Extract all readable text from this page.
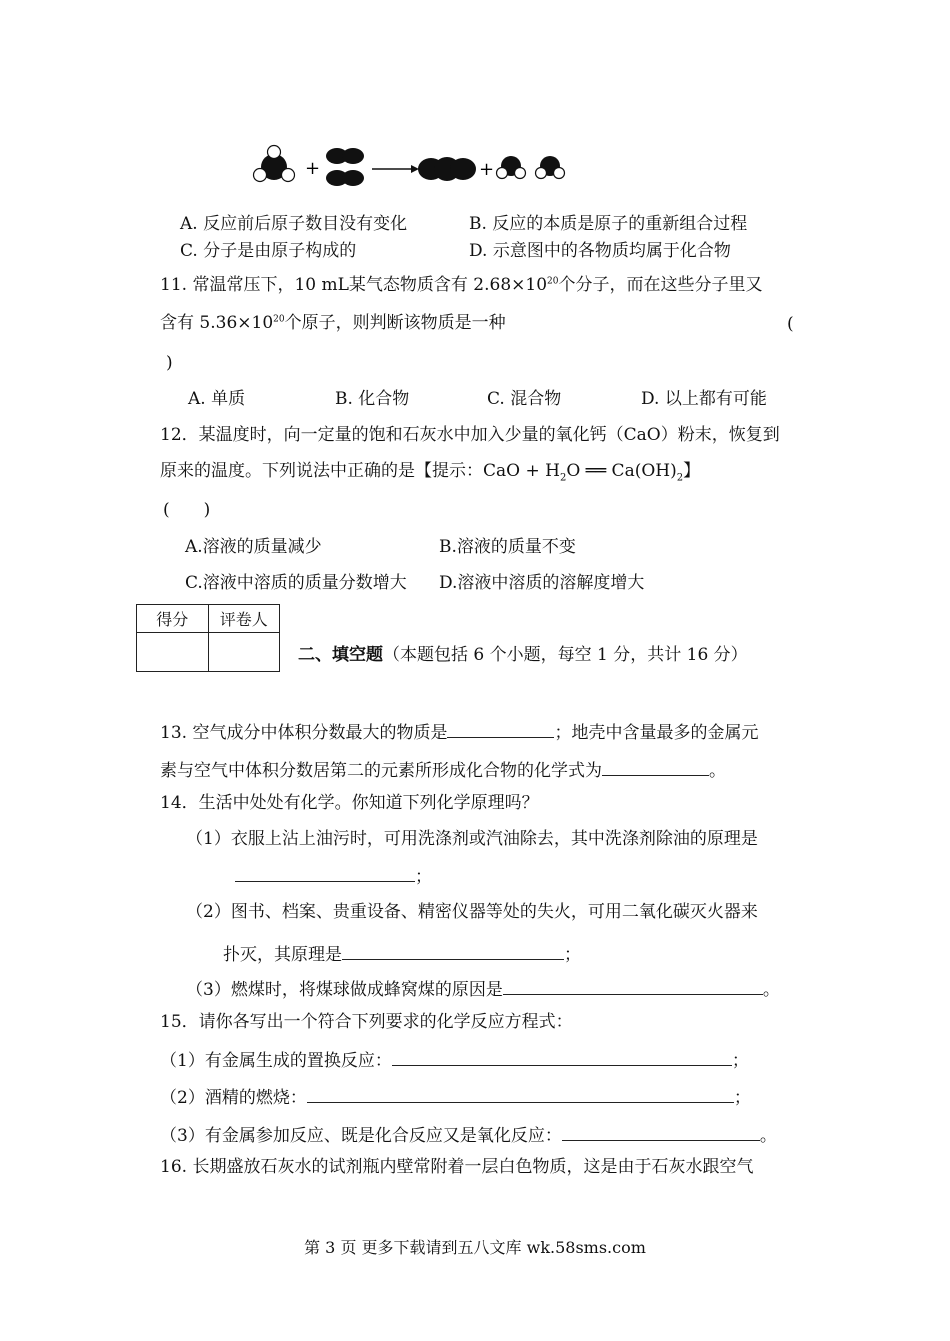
+	+
A. 反应前后原子数目没有变化	B. 反应的本质是原子的重新组合过程
C. 分子是由原子构成的	D. 示意图中的各物质均属于化合物
11. 常温常压下，10 mL某气态物质含有 $2.68\times 10^{20}$个分子，而在这些分子里又
含有 $5.36\times 10^{20}$个原子，则判断该物质是一种	(
)
A. 单质	B. 化合物	C. 混合物	D. 以上都有可能
12．某温度时，向一定量的饱和石灰水中加入少量的氧化钙（CaO）粉末，恢复到
原来的温度。下列说法中正确的是【提示：CaO + $H_2O$ ══ $Ca(OH)_2$】
(　　)
A.溶液的质量减少	B.溶液的质量不变
C.溶液中溶质的质量分数增大 D.溶液中溶质的溶解度增大
得分	评卷人

二、填空题（本题包括 6 个小题，每空 1 分，共计 16 分）
13. 空气成分中体积分数最大的物质是	；地壳中含量最多的金属元
素与空气中体积分数居第二的元素所形成化合物的化学式为	。
14．生活中处处有化学。你知道下列化学原理吗？
（1）衣服上沾上油污时，可用洗涤剂或汽油除去，其中洗涤剂除油的原理是
；
（2）图书、档案、贵重设备、精密仪器等处的失火，可用二氧化碳灭火器来
扑灭，其原理是	；
（3）燃煤时，将煤球做成蜂窝煤的原因是	。
15．请你各写出一个符合下列要求的化学反应方程式：
（1）有金属生成的置换反应：	；
（2）酒精的燃烧：	；
（3）有金属参加反应、既是化合反应又是氧化反应：	。
16. 长期盛放石灰水的试剂瓶内壁常附着一层白色物质，这是由于石灰水跟空气
第 3 页 更多下载请到五八文库 wk.58sms.com
